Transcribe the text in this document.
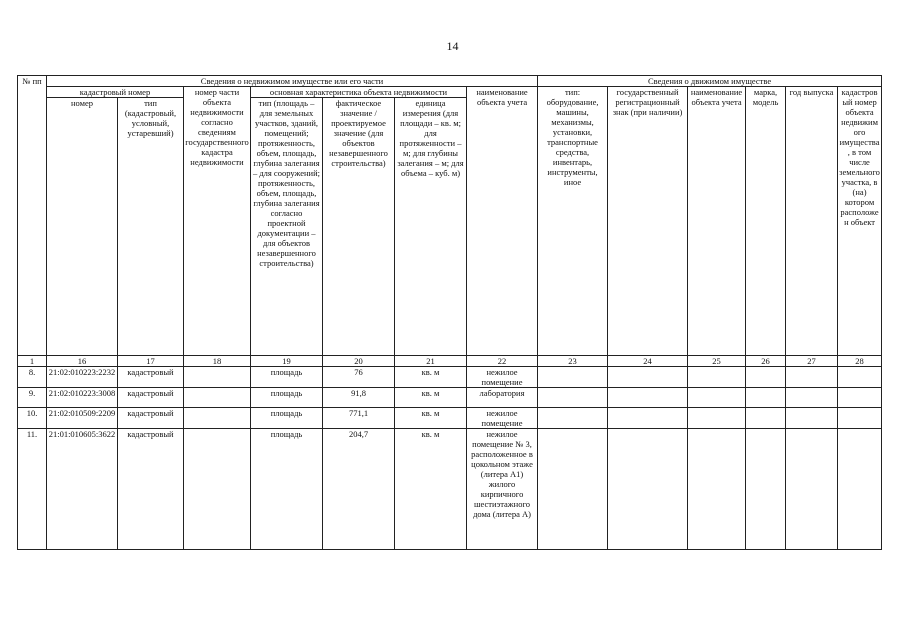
14
№ пп	Сведения о недвижимом имуществе или его части							Сведения о движимом имуществе					
	кадастровый номер		номер части объекта недвижимости согласно сведениям государственного кадастра недвижимости	основная характеристика объекта недвижимости			наименование объекта учета	тип: оборудование, машины, механизмы, установки, транспортные средства, инвентарь, инструменты, иное	государственный регистрационный знак (при наличии)	наименование объекта учета	марка, модель	год выпуска	кадастровый номер объекта недвижимого имущества, в том числе земельного участка, в (на) котором расположен объект
	номер	тип (кадастровый, условный, устаревший)		тип (площадь – для земельных участков, зданий, помещений; протяженность, объем, площадь, глубина залегания – для сооружений; протяженность, объем, площадь, глубина залегания согласно проектной документации – для объектов незавершенного строительства)	фактическое значение / проектируемое значение (для объектов незавершенного строительства)	единица измерения (для площади – кв. м; для протяженности – м; для глубины залегания – м; для объема – куб. м)							
1	16	17	18	19	20	21	22	23	24	25	26	27	28
8.	21:02:010223:2232	кадастровый		площадь	76	кв. м	нежилое помещение						
9.	21:02:010223:3008	кадастровый		площадь	91,8	кв. м	лаборатория						
10.	21:02:010509:2209	кадастровый		площадь	771,1	кв. м	нежилое помещение						
11.	21:01:010605:3622	кадастровый		площадь	204,7	кв. м	нежилое помещение № 3, расположенное в цокольном этаже (литера А1) жилого кирпичного шестиэтажного дома (литера А)						
